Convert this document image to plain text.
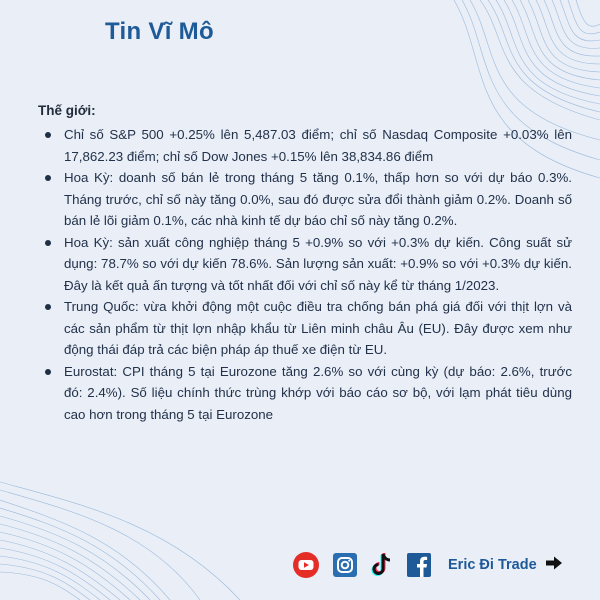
Tin Vĩ Mô
Thế giới:
Chỉ số S&P 500 +0.25% lên 5,487.03 điểm; chỉ số Nasdaq Composite +0.03% lên 17,862.23 điểm; chỉ số Dow Jones +0.15% lên 38,834.86 điểm
Hoa Kỳ: doanh số bán lẻ trong tháng 5 tăng 0.1%, thấp hơn so với dự báo 0.3%. Tháng trước, chỉ số này tăng 0.0%, sau đó được sửa đổi thành giảm 0.2%. Doanh số bán lẻ lõi giảm 0.1%, các nhà kinh tế dự báo chỉ số này tăng 0.2%.
Hoa Kỳ: sản xuất công nghiệp tháng 5 +0.9% so với +0.3% dự kiến. Công suất sử dụng: 78.7% so với dự kiến 78.6%. Sản lượng sản xuất: +0.9% so với +0.3% dự kiến. Đây là kết quả ấn tượng và tốt nhất đối với chỉ số này kể từ tháng 1/2023.
Trung Quốc: vừa khởi động một cuộc điều tra chống bán phá giá đối với thịt lợn và các sản phẩm từ thịt lợn nhập khẩu từ Liên minh châu Âu (EU). Đây được xem như động thái đáp trả các biện pháp áp thuế xe điện từ EU.
Eurostat: CPI tháng 5 tại Eurozone tăng 2.6% so với cùng kỳ (dự báo: 2.6%, trước đó: 2.4%). Số liệu chính thức trùng khớp với báo cáo sơ bộ, với lạm phát tiêu dùng cao hơn trong tháng 5 tại Eurozone
Eric Đi Trade
